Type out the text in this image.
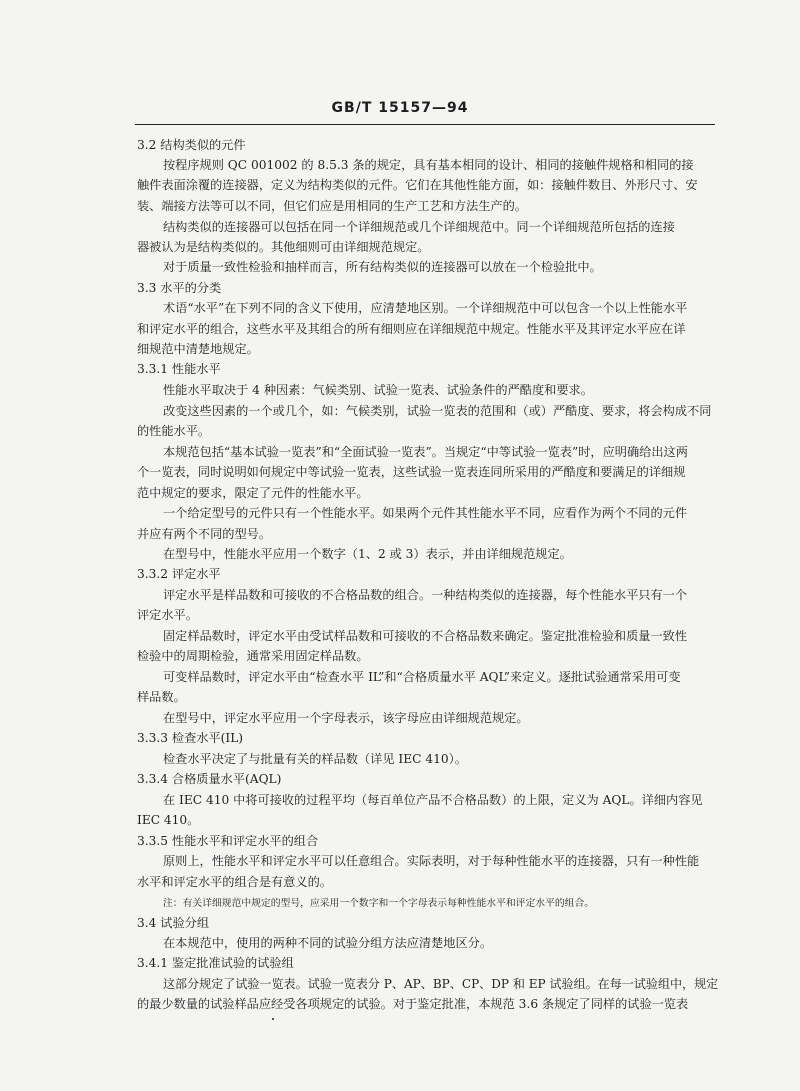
GB/T 15157—94
3.2 结构类似的元件
按程序规则 QC 001002 的 8.5.3 条的规定，具有基本相同的设计、相同的接触件规格和相同的接
触件表面涂覆的连接器，定义为结构类似的元件。它们在其他性能方面，如：接触件数目、外形尺寸、安
装、端接方法等可以不同，但它们应是用相同的生产工艺和方法生产的。
结构类似的连接器可以包括在同一个详细规范或几个详细规范中。同一个详细规范所包括的连接
器被认为是结构类似的。其他细则可由详细规范规定。
对于质量一致性检验和抽样而言，所有结构类似的连接器可以放在一个检验批中。
3.3 水平的分类
术语“水平”在下列不同的含义下使用，应清楚地区别。一个详细规范中可以包含一个以上性能水平
和评定水平的组合，这些水平及其组合的所有细则应在详细规范中规定。性能水平及其评定水平应在详
细规范中清楚地规定。
3.3.1 性能水平
性能水平取决于 4 种因素：气候类别、试验一览表、试验条件的严酷度和要求。
改变这些因素的一个或几个，如：气候类别，试验一览表的范围和（或）严酷度、要求，将会构成不同
的性能水平。
本规范包括“基本试验一览表”和“全面试验一览表”。当规定“中等试验一览表”时，应明确给出这两
个一览表，同时说明如何规定中等试验一览表，这些试验一览表连同所采用的严酷度和要满足的详细规
范中规定的要求，限定了元件的性能水平。
一个给定型号的元件只有一个性能水平。如果两个元件其性能水平不同，应看作为两个不同的元件
并应有两个不同的型号。
在型号中，性能水平应用一个数字（1、2 或 3）表示，并由详细规范规定。
3.3.2 评定水平
评定水平是样品数和可接收的不合格品数的组合。一种结构类似的连接器，每个性能水平只有一个
评定水平。
固定样品数时，评定水平由受试样品数和可接收的不合格品数来确定。鉴定批准检验和质量一致性
检验中的周期检验，通常采用固定样品数。
可变样品数时，评定水平由“检查水平 IL”和“合格质量水平 AQL”来定义。逐批试验通常采用可变
样品数。
在型号中，评定水平应用一个字母表示，该字母应由详细规范规定。
3.3.3 检查水平(IL)
检查水平决定了与批量有关的样品数（详见 IEC 410）。
3.3.4 合格质量水平(AQL)
在 IEC 410 中将可接收的过程平均（每百单位产品不合格品数）的上限，定义为 AQL。详细内容见
IEC 410。
3.3.5 性能水平和评定水平的组合
原则上，性能水平和评定水平可以任意组合。实际表明，对于每种性能水平的连接器，只有一种性能
水平和评定水平的组合是有意义的。
注：有关详细规范中规定的型号，应采用一个数字和一个字母表示每种性能水平和评定水平的组合。
3.4 试验分组
在本规范中，使用的两种不同的试验分组方法应清楚地区分。
3.4.1 鉴定批准试验的试验组
这部分规定了试验一览表。试验一览表分 P、AP、BP、CP、DP 和 EP 试验组。在每一试验组中，规定
的最少数量的试验样品应经受各项规定的试验。对于鉴定批准，本规范 3.6 条规定了同样的试验一览表
